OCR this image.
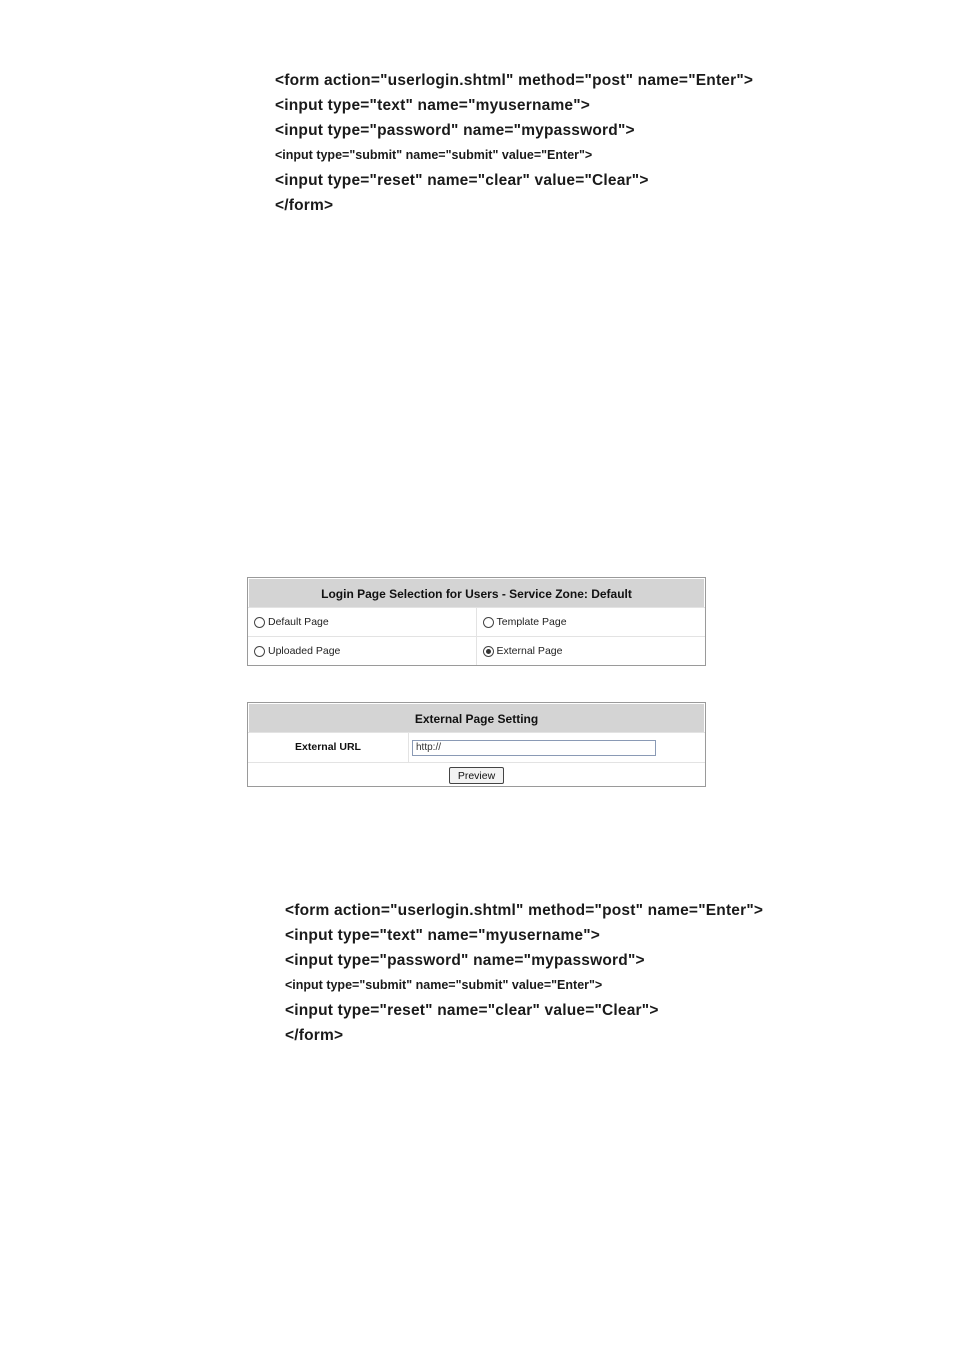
<form action="userlogin.shtml" method="post" name="Enter">
<input type="text" name="myusername">
<input type="password" name="mypassword">
<input type="submit" name="submit" value="Enter">
<input type="reset" name="clear" value="Clear">
</form>
Login Page Selection for Users - Service Zone: Default
Default Page	Template Page
Uploaded Page	External Page
External Page Setting
External URL
http://
Preview
<form action="userlogin.shtml" method="post" name="Enter">
<input type="text" name="myusername">
<input type="password" name="mypassword">
<input type="submit" name="submit" value="Enter">
<input type="reset" name="clear" value="Clear">
</form>
